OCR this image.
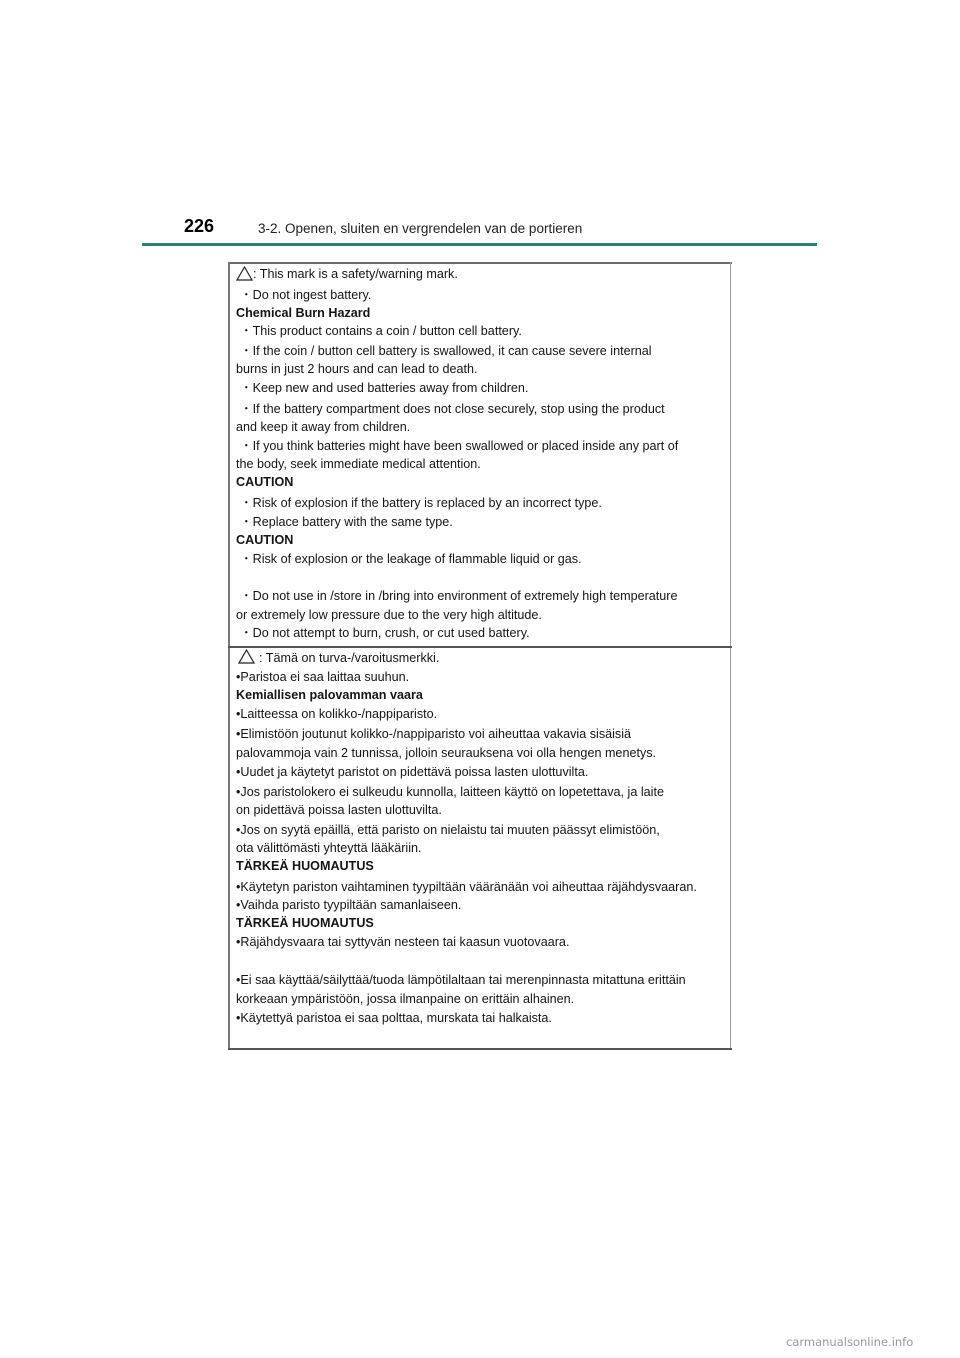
226	3-2. Openen, sluiten en vergrendelen van de portieren
: This mark is a safety/warning mark.
・Do not ingest battery.
Chemical Burn Hazard
・This product contains a coin / button cell battery.
・If the coin / button cell battery is swallowed, it can cause severe internal
burns in just 2 hours and can lead to death.
・Keep new and used batteries away from children.
・If the battery compartment does not close securely, stop using the product
and keep it away from children.
・If you think batteries might have been swallowed or placed inside any part of
the body, seek immediate medical attention.
CAUTION
・Risk of explosion if the battery is replaced by an incorrect type.
・Replace battery with the same type.
CAUTION
・Risk of explosion or the leakage of flammable liquid or gas.
・Do not use in /store in /bring into environment of extremely high temperature
or extremely low pressure due to the very high altitude.
・Do not attempt to burn, crush, or cut used battery.
: Tämä on turva-/varoitusmerkki.
•Paristoa ei saa laittaa suuhun.
Kemiallisen palovamman vaara
•Laitteessa on kolikko-/nappiparisto.
•Elimistöön joutunut kolikko-/nappiparisto voi aiheuttaa vakavia sisäisiä
palovammoja vain 2 tunnissa, jolloin seurauksena voi olla hengen menetys.
•Uudet ja käytetyt paristot on pidettävä poissa lasten ulottuvilta.
•Jos paristolokero ei sulkeudu kunnolla, laitteen käyttö on lopetettava, ja laite
on pidettävä poissa lasten ulottuvilta.
•Jos on syytä epäillä, että paristo on nielaistu tai muuten päässyt elimistöön,
ota välittömästi yhteyttä lääkäriin.
TÄRKEÄ HUOMAUTUS
•Käytetyn pariston vaihtaminen tyypiltään vääränään voi aiheuttaa räjähdysvaaran.
•Vaihda paristo tyypiltään samanlaiseen.
TÄRKEÄ HUOMAUTUS
•Räjähdysvaara tai syttyvän nesteen tai kaasun vuotovaara.
•Ei saa käyttää/säilyttää/tuoda lämpötilaltaan tai merenpinnasta mitattuna erittäin
korkeaan ympäristöön, jossa ilmanpaine on erittäin alhainen.
•Käytettyä paristoa ei saa polttaa, murskata tai halkaista.
carmanualsonline.info
